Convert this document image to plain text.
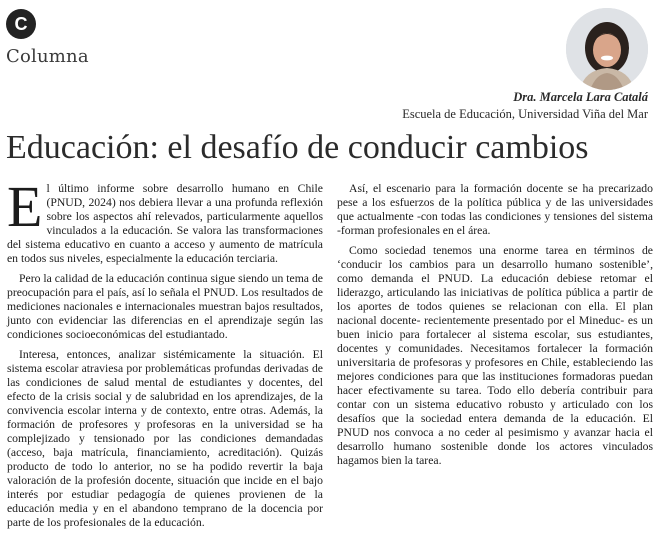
C
Columna
Dra. Marcela Lara Catalá
Escuela de Educación, Universidad Viña del Mar
Educación: el desafío de conducir cambios

El último informe sobre desarrollo humano en Chile (PNUD, 2024) nos debiera llevar a una profunda reflexión sobre los aspectos ahí relevados, particularmente aquellos vinculados a la educación. Se valora las transformaciones del sistema educativo en cuanto a acceso y aumento de matrícula en todos sus niveles, especialmente la educación terciaria.

Pero la calidad de la educación continua sigue siendo un tema de preocupación para el país, así lo señala el PNUD. Los resultados de mediciones nacionales e internacionales muestran bajos resultados, junto con evidenciar las diferencias en el aprendizaje según las condiciones socioeconómicas del estudiantado.

Interesa, entonces, analizar sistémicamente la situación. El sistema escolar atraviesa por problemáticas profundas derivadas de las condiciones de salud mental de estudiantes y docentes, del efecto de la crisis social y de salubridad en los aprendizajes, de la convivencia escolar interna y de contexto, entre otras. Además, la formación de profesores y profesoras en la universidad se ha complejizado y tensionado por las condiciones demandadas (acceso, baja matrícula, financiamiento, acreditación). Quizás producto de todo lo anterior, no se ha podido revertir la baja valoración de la profesión docente, situación que incide en el bajo interés por estudiar pedagogía de quienes provienen de la educación media y en el abandono temprano de la docencia por parte de los profesionales de la educación.

Así, el escenario para la formación docente se ha precarizado pese a los esfuerzos de la política pública y de las universidades que actualmente -con todas las condiciones y tensiones del sistema -forman profesionales en el área.

Como sociedad tenemos una enorme tarea en términos de ‘conducir los cambios para un desarrollo humano sostenible’, como demanda el PNUD. La educación debiese retomar el liderazgo, articulando las iniciativas de política pública a partir de los aportes de todos quienes se relacionan con ella. El plan nacional docente- recientemente presentado por el Mineduc- es un buen inicio para fortalecer al sistema escolar, sus estudiantes, docentes y comunidades. Necesitamos fortalecer la formación universitaria de profesoras y profesores en Chile, estableciendo las mejores condiciones para que las instituciones formadoras puedan hacer efectivamente su tarea. Todo ello debería contribuir para contar con un sistema educativo robusto y articulado con los desafíos que la sociedad entera demanda de la educación. El PNUD nos convoca a no ceder al pesimismo y avanzar hacia el desarrollo humano sostenible donde los actores vinculados hagamos bien la tarea.
